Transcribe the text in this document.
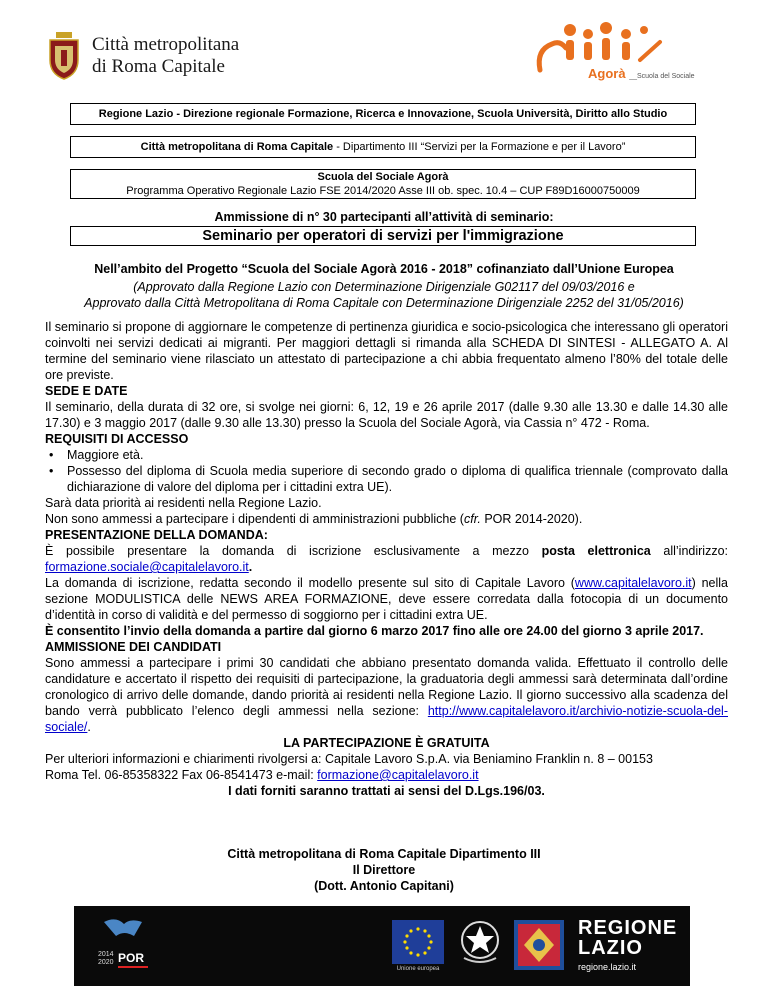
Città metropolitana
di Roma Capitale	Agorà __Scuola del Sociale
Regione Lazio - Direzione regionale Formazione, Ricerca e Innovazione, Scuola Università, Diritto allo Studio
Città metropolitana di Roma Capitale - Dipartimento III “Servizi per la Formazione e per il Lavoro”
Scuola del Sociale Agorà
Programma Operativo Regionale Lazio FSE 2014/2020 Asse III ob. spec. 10.4 – CUP F89D16000750009
Ammissione di n° 30 partecipanti all’attività di seminario:
Seminario per operatori di servizi per l'immigrazione
Nell’ambito del Progetto “Scuola del Sociale Agorà 2016 - 2018” cofinanziato dall’Unione Europea
(Approvato dalla Regione Lazio con Determinazione Dirigenziale G02117 del 09/03/2016 e
Approvato dalla Città Metropolitana di Roma Capitale con Determinazione Dirigenziale 2252 del 31/05/2016)

Il seminario si propone di aggiornare le competenze di pertinenza giuridica e socio-psicologica che interessano gli operatori coinvolti nei servizi dedicati ai migranti. Per maggiori dettagli si rimanda alla SCHEDA DI SINTESI - ALLEGATO A. Al termine del seminario viene rilasciato un attestato di partecipazione a chi abbia frequentato almeno l’80% del totale delle ore previste.

SEDE E DATE

Il seminario, della durata di 32 ore, si svolge nei giorni: 6, 12, 19 e 26 aprile 2017 (dalle 9.30 alle 13.30 e dalle 14.30 alle 17.30) e 3 maggio 2017 (dalle 9.30 alle 13.30) presso la Scuola del Sociale Agorà, via Cassia n° 472 - Roma.

REQUISITI DI ACCESSO

•	Maggiore età.
•	Possesso del diploma di Scuola media superiore di secondo grado o diploma di qualifica triennale (comprovato dalla dichiarazione di valore del diploma per i cittadini extra UE).

Sarà data priorità ai residenti nella Regione Lazio.

Non sono ammessi a partecipare i dipendenti di amministrazioni pubbliche (cfr. POR 2014-2020).

PRESENTAZIONE DELLA DOMANDA:

È possibile presentare la domanda di iscrizione esclusivamente a mezzo posta elettronica all’indirizzo: formazione.sociale@capitalelavoro.it.

La domanda di iscrizione, redatta secondo il modello presente sul sito di Capitale Lavoro (www.capitalelavoro.it) nella sezione MODULISTICA delle NEWS AREA FORMAZIONE, deve essere corredata dalla fotocopia di un documento d’identità in corso di validità e del permesso di soggiorno per i cittadini extra UE.

È consentito l’invio della domanda a partire dal giorno 6 marzo 2017 fino alle ore 24.00 del giorno 3 aprile 2017.

AMMISSIONE DEI CANDIDATI

Sono ammessi a partecipare i primi 30 candidati che abbiano presentato domanda valida. Effettuato il controllo delle candidature e accertato il rispetto dei requisiti di partecipazione, la graduatoria degli ammessi sarà determinata dall’ordine cronologico di arrivo delle domande, dando priorità ai residenti nella Regione Lazio. Il giorno successivo alla scadenza del bando verrà pubblicato l’elenco degli ammessi nella sezione: http://www.capitalelavoro.it/archivio-notizie-scuola-del-sociale/.

LA PARTECIPAZIONE È GRATUITA

Per ulteriori informazioni e chiarimenti rivolgersi a: Capitale Lavoro S.p.A. via Beniamino Franklin n. 8 – 00153

Roma Tel. 06-85358322 Fax 06-8541473 e-mail: formazione@capitalelavoro.it

I dati forniti saranno trattati ai sensi del D.Lgs.196/03.

Città metropolitana di Roma Capitale Dipartimento III
Il Direttore
(Dott. Antonio Capitani)
2014
2020 POR
Unione europea
REGIONE
LAZIO
regione.lazio.it
